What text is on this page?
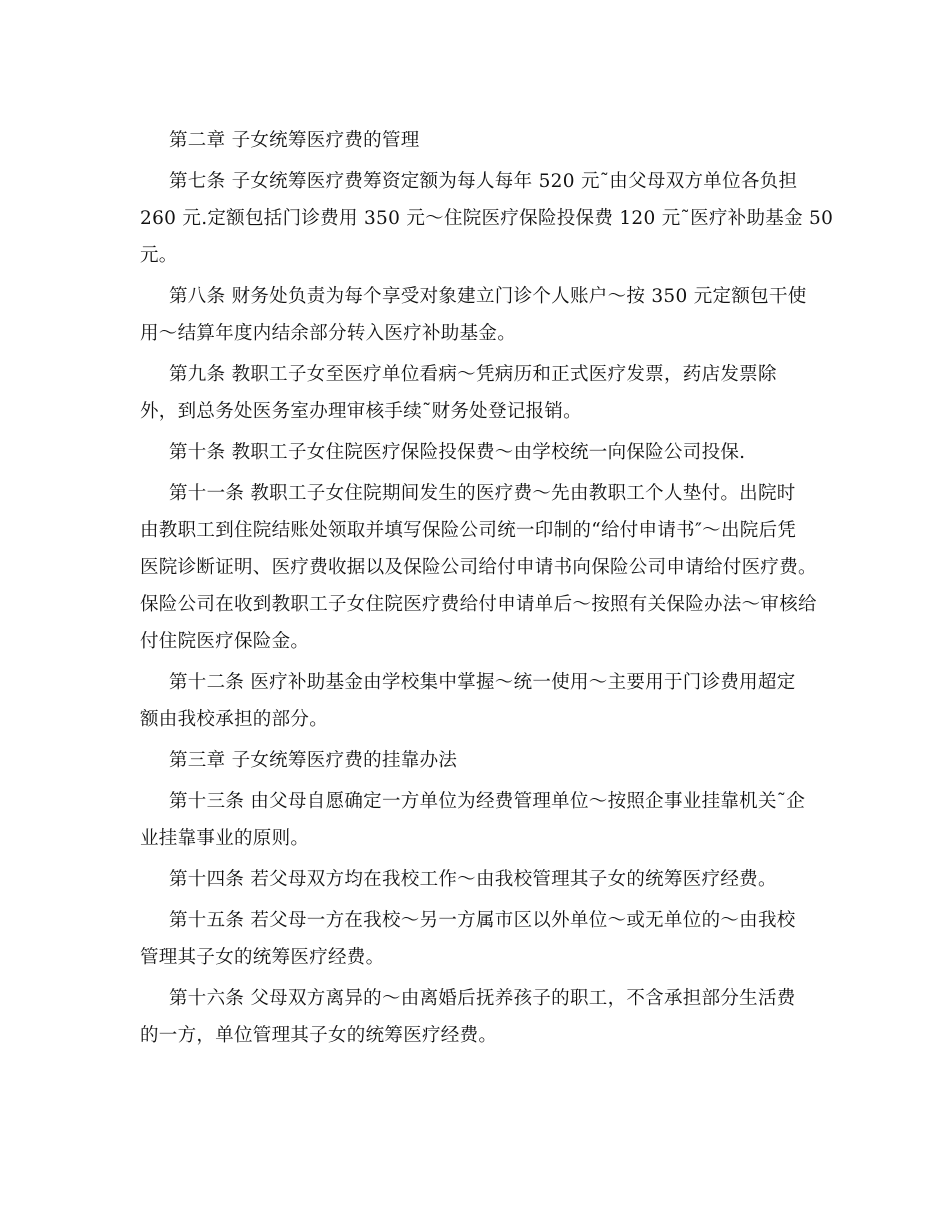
第二章 子女统筹医疗费的管理

第七条 子女统筹医疗费筹资定额为每人每年 520 元˜由父母双方单位各负担
260 元.定额包括门诊费用 350 元～住院医疗保险投保费 120 元˜医疗补助基金 50
元。

第八条 财务处负责为每个享受对象建立门诊个人账户～按 350 元定额包干使
用～结算年度内结余部分转入医疗补助基金。

第九条 教职工子女至医疗单位看病～凭病历和正式医疗发票，药店发票除
外，到总务处医务室办理审核手续˜财务处登记报销。

第十条 教职工子女住院医疗保险投保费～由学校统一向保险公司投保.

第十一条 教职工子女住院期间发生的医疗费～先由教职工个人垫付。出院时
由教职工到住院结账处领取并填写保险公司统一印制的“给付申请书″～出院后凭
医院诊断证明、医疗费收据以及保险公司给付申请书向保险公司申请给付医疗费。
保险公司在收到教职工子女住院医疗费给付申请单后～按照有关保险办法～审核给
付住院医疗保险金。

第十二条 医疗补助基金由学校集中掌握～统一使用～主要用于门诊费用超定
额由我校承担的部分。

第三章 子女统筹医疗费的挂靠办法

第十三条 由父母自愿确定一方单位为经费管理单位～按照企事业挂靠机关˜企
业挂靠事业的原则。

第十四条 若父母双方均在我校工作～由我校管理其子女的统筹医疗经费。

第十五条 若父母一方在我校～另一方属市区以外单位～或无单位的～由我校
管理其子女的统筹医疗经费。

第十六条 父母双方离异的～由离婚后抚养孩子的职工，不含承担部分生活费
的一方，单位管理其子女的统筹医疗经费。
